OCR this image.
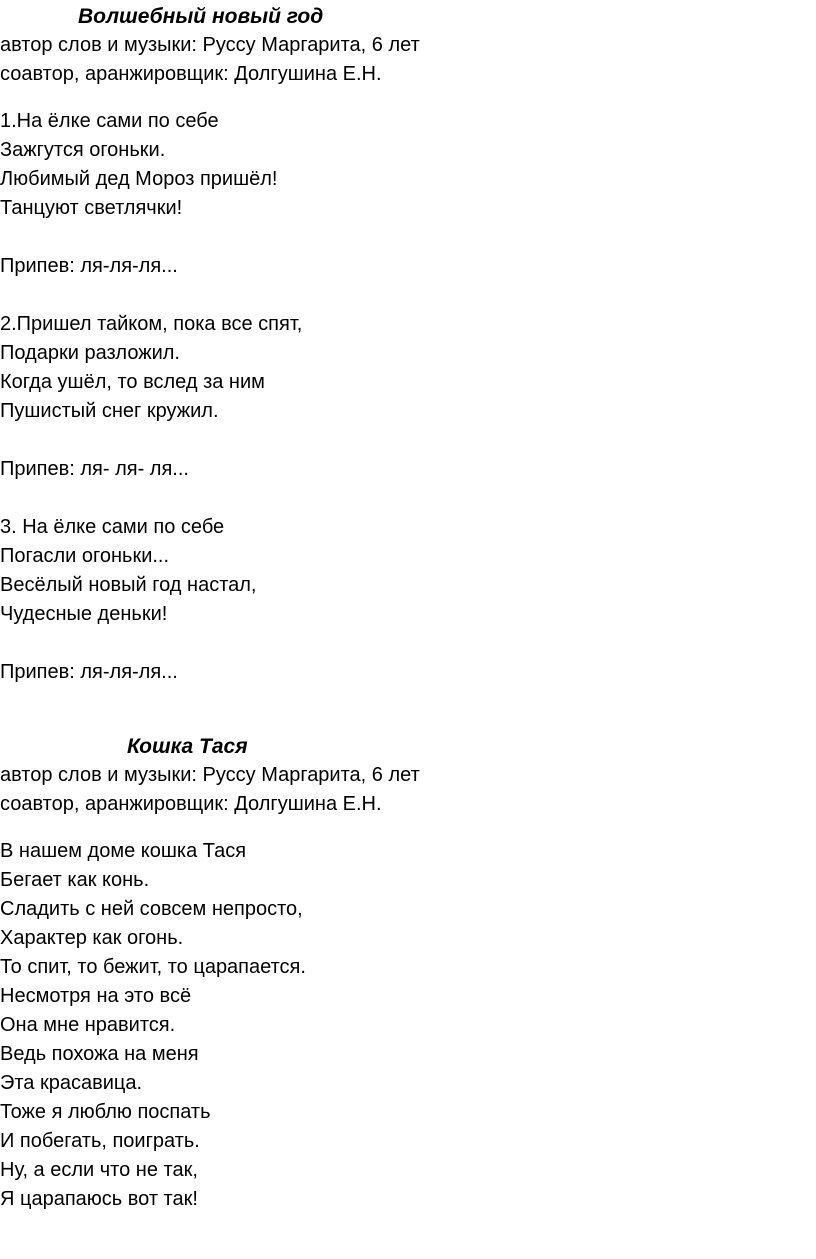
Волшебный новый год
автор слов и музыки: Руссу Маргарита, 6 лет
соавтор, аранжировщик: Долгушина Е.Н.
1.На ёлке сами по себе
Зажгутся огоньки.
Любимый дед Мороз пришёл!
Танцуют светлячки!
Припев: ля-ля-ля...
2.Пришел тайком, пока все спят,
Подарки разложил.
Когда ушёл, то вслед за ним
Пушистый снег кружил.
Припев: ля- ля- ля...
3. На ёлке сами по себе
Погасли огоньки...
Весёлый новый год настал,
Чудесные деньки!
Припев: ля-ля-ля...
Кошка Тася
автор слов и музыки: Руссу Маргарита, 6 лет
соавтор, аранжировщик: Долгушина Е.Н.
В нашем доме кошка Тася
Бегает как конь.
Сладить с ней совсем непросто,
Характер как огонь.
То спит, то бежит, то царапается.
Несмотря на это всё
Она мне нравится.
Ведь похожа на меня
Эта красавица.
Тоже я люблю поспать
И побегать, поиграть.
Ну, а если что не так,
Я царапаюсь вот так!
